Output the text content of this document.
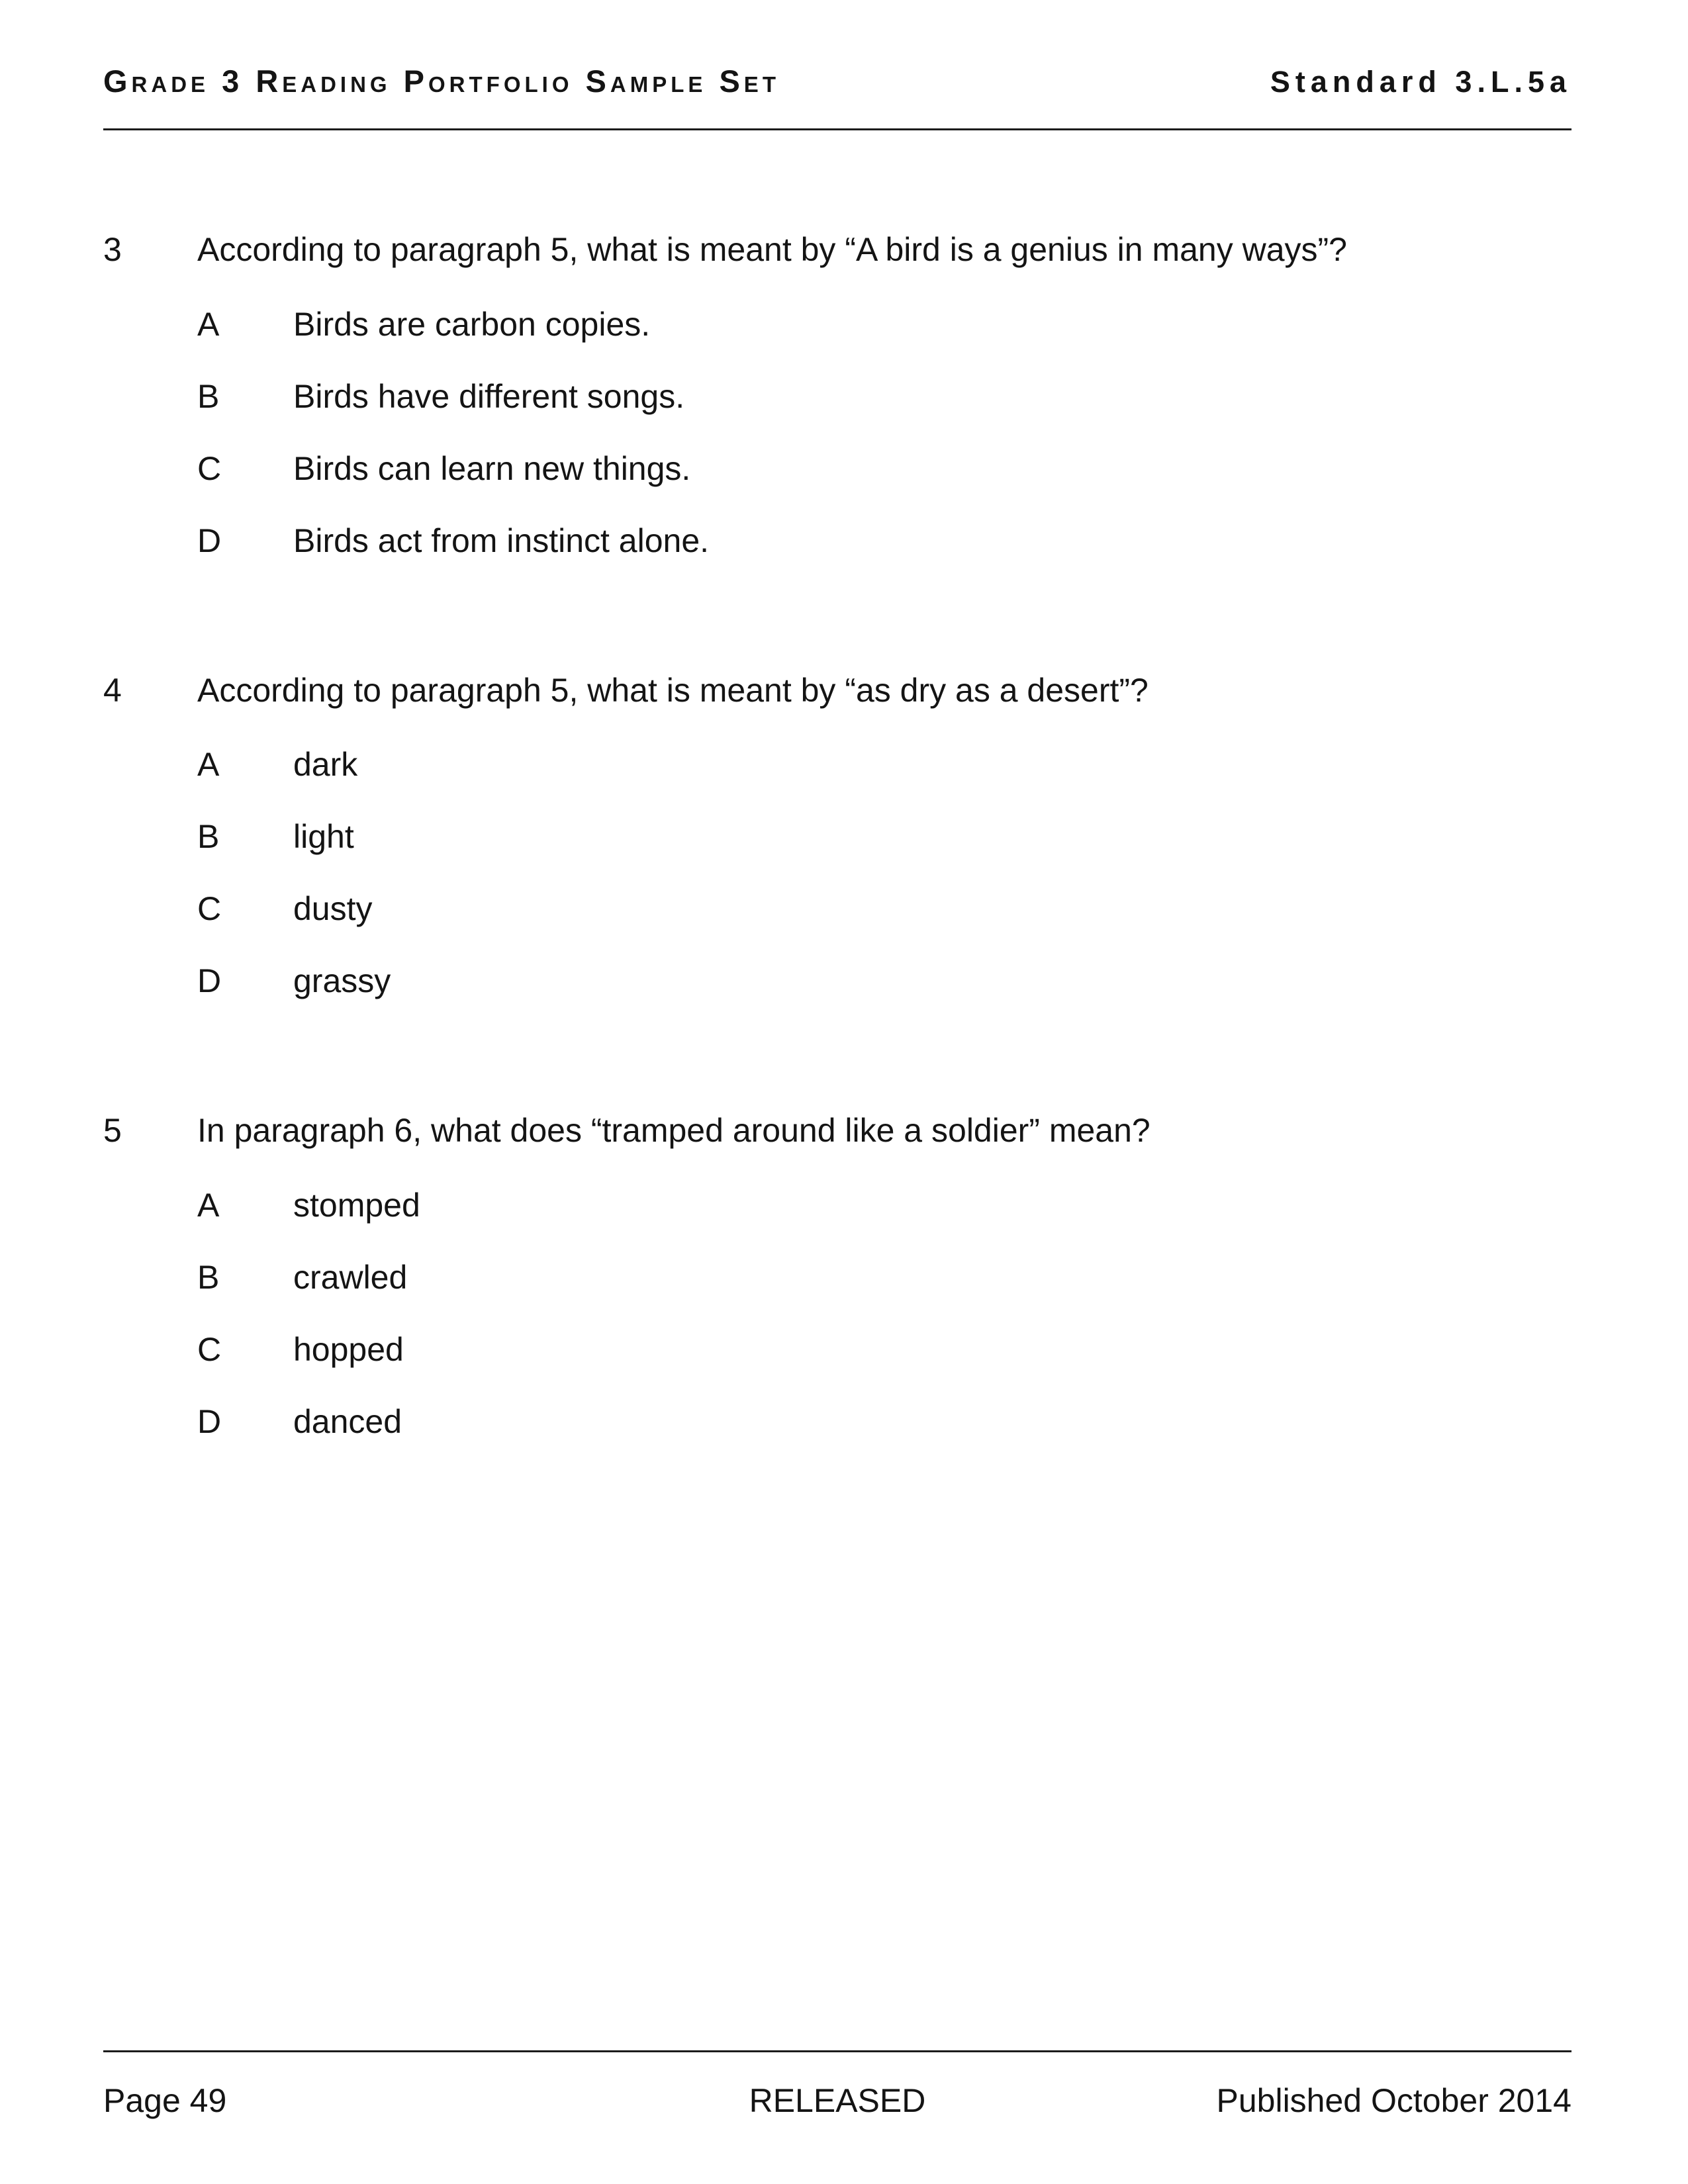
Grade 3 Reading Portfolio Sample Set	Standard 3.L.5a
3	According to paragraph 5, what is meant by “A bird is a genius in many ways”?
A	Birds are carbon copies.
B	Birds have different songs.
C	Birds can learn new things.
D	Birds act from instinct alone.
4	According to paragraph 5, what is meant by “as dry as a desert”?
A	dark
B	light
C	dusty
D	grassy
5	In paragraph 6, what does “tramped around like a soldier” mean?
A	stomped
B	crawled
C	hopped
D	danced
Page 49	RELEASED	Published October 2014
